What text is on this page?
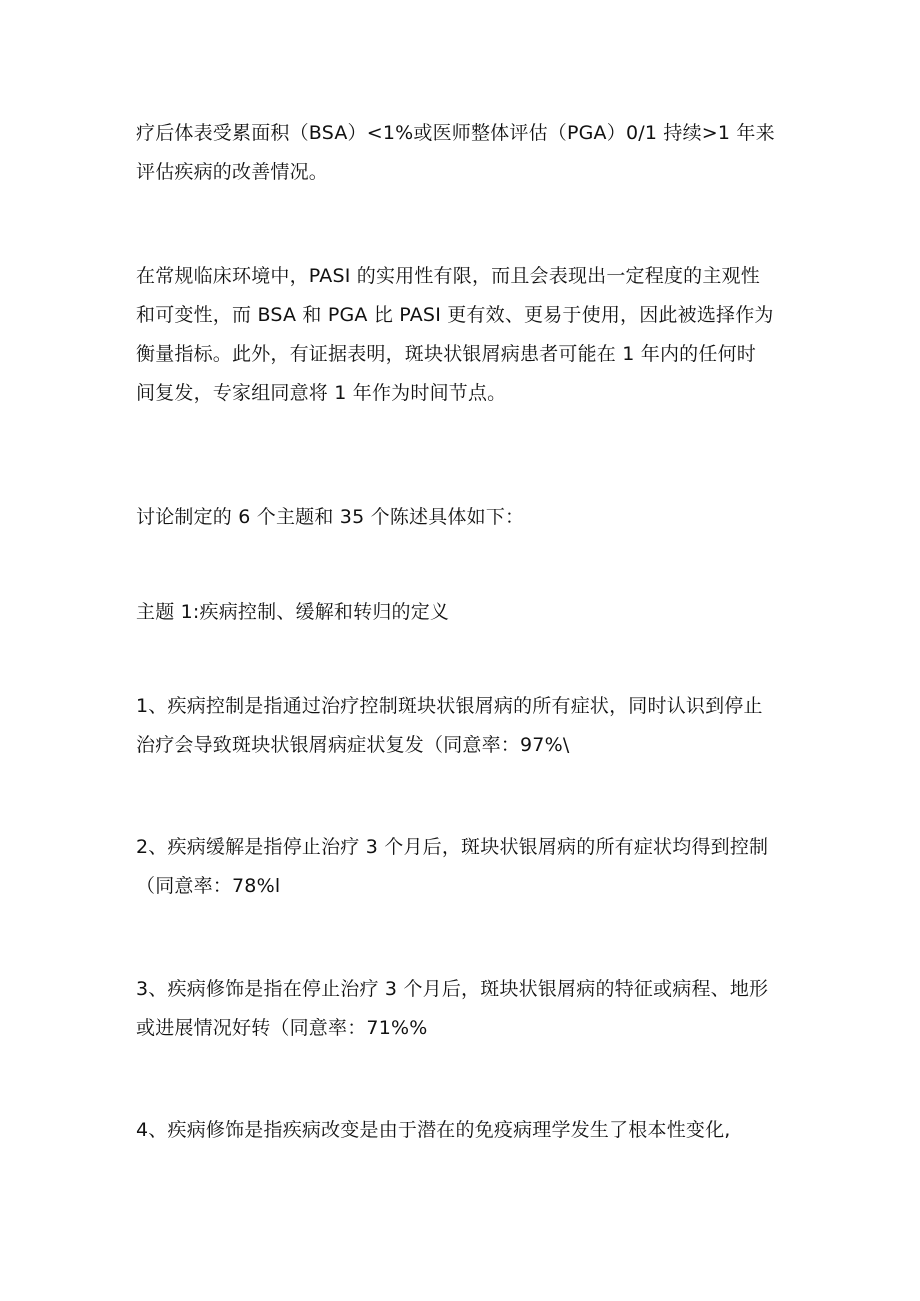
疗后体表受累面积（BSA）<1%或医师整体评估（PGA）0/1 持续>1 年来
评估疾病的改善情况。

在常规临床环境中，PASI 的实用性有限，而且会表现出一定程度的主观性
和可变性，而 BSA 和 PGA 比 PASI 更有效、更易于使用，因此被选择作为
衡量指标。此外，有证据表明，斑块状银屑病患者可能在 1 年内的任何时
间复发，专家组同意将 1 年作为时间节点。

讨论制定的 6 个主题和 35 个陈述具体如下：

主题 1:疾病控制、缓解和转归的定义

1、疾病控制是指通过治疗控制斑块状银屑病的所有症状，同时认识到停止
治疗会导致斑块状银屑病症状复发（同意率：97%\

2、疾病缓解是指停止治疗 3 个月后，斑块状银屑病的所有症状均得到控制
（同意率：78%l

3、疾病修饰是指在停止治疗 3 个月后，斑块状银屑病的特征或病程、地形
或进展情况好转（同意率：71%%

4、疾病修饰是指疾病改变是由于潜在的免疫病理学发生了根本性变化,
